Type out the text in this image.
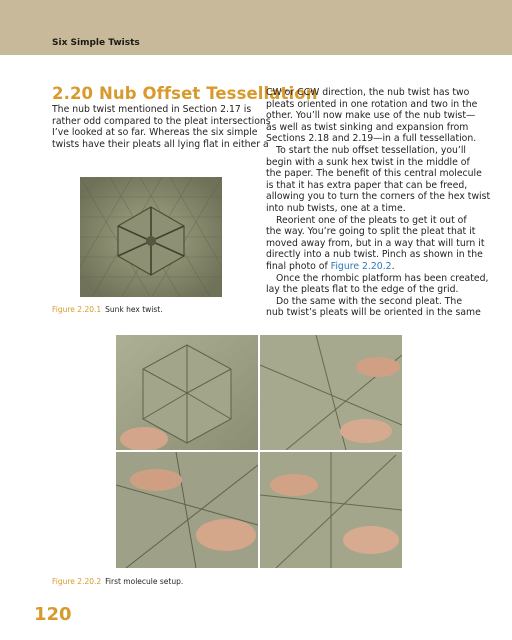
Six Simple Twists
2.20 Nub Offset Tessellation
The nub twist mentioned in Section 2.17 is
rather odd compared to the pleat intersections
I’ve looked at so far. Whereas the six simple
twists have their pleats all lying flat in either a
CW or CCW direction, the nub twist has two
pleats oriented in one rotation and two in the
other. You’ll now make use of the nub twist—
as well as twist sinking and expansion from
Sections 2.18 and 2.19—in a full tessellation.
To start the nub offset tessellation, you’ll
begin with a sunk hex twist in the middle of
the paper. The benefit of this central molecule
is that it has extra paper that can be freed,
allowing you to turn the corners of the hex twist
into nub twists, one at a time.
Reorient one of the pleats to get it out of
the way. You’re going to split the pleat that it
moved away from, but in a way that will turn it
directly into a nub twist. Pinch as shown in the
final photo of Figure 2.20.2.
Once the rhombic platform has been created,
lay the pleats flat to the edge of the grid.
Do the same with the second pleat. The
nub twist’s pleats will be oriented in the same
Figure 2.20.1 Sunk hex twist.
Figure 2.20.2 First molecule setup.
120
